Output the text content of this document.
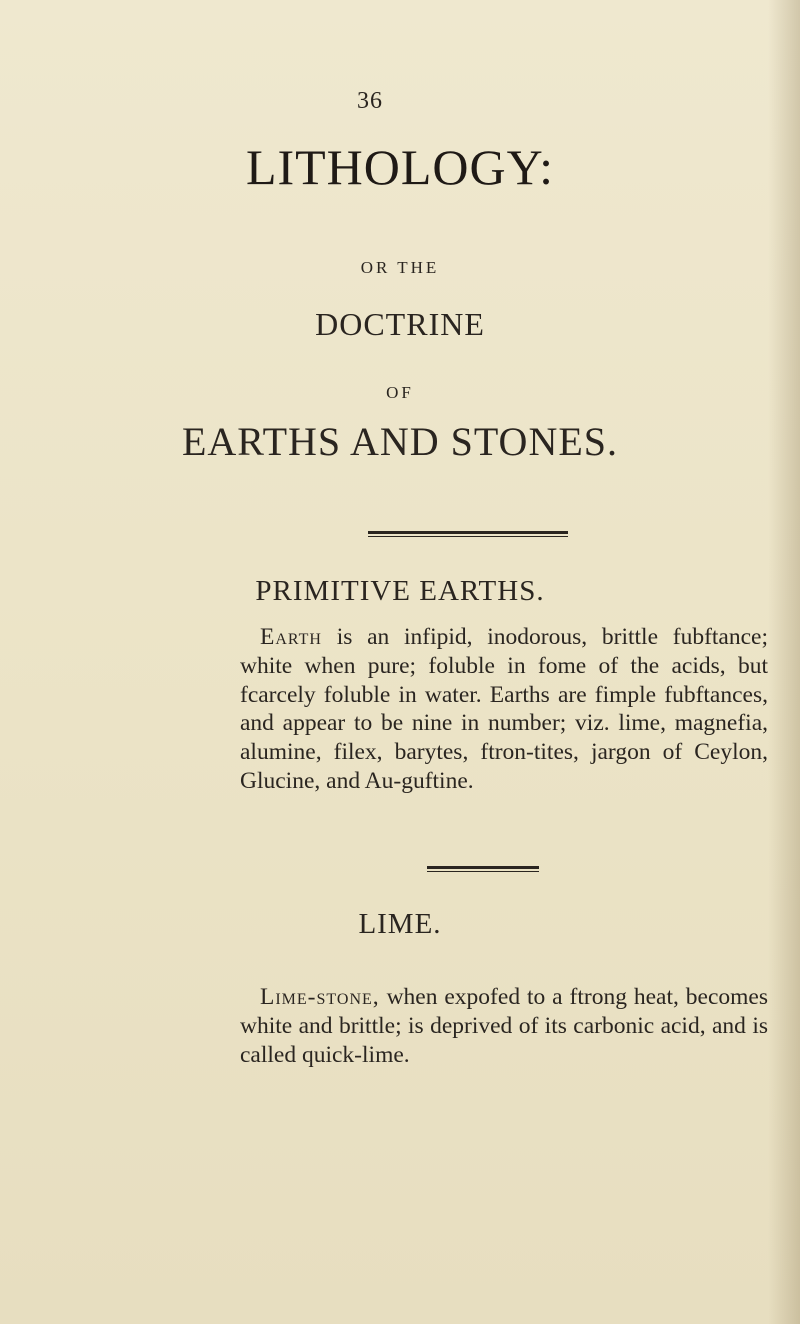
36
LITHOLOGY:
OR THE
DOCTRINE
OF
EARTHS AND STONES.
PRIMITIVE EARTHS.

Earth is an infipid, inodorous, brittle fubftance; white when pure; foluble in fome of the acids, but fcarcely foluble in water. Earths are fimple fubftances, and appear to be nine in number; viz. lime, magnefia, alumine, filex, barytes, ftron-tites, jargon of Ceylon, Glucine, and Au-guftine.

LIME.

Lime-stone, when expofed to a ftrong heat, becomes white and brittle; is deprived of its carbonic acid, and is called quick-lime.
